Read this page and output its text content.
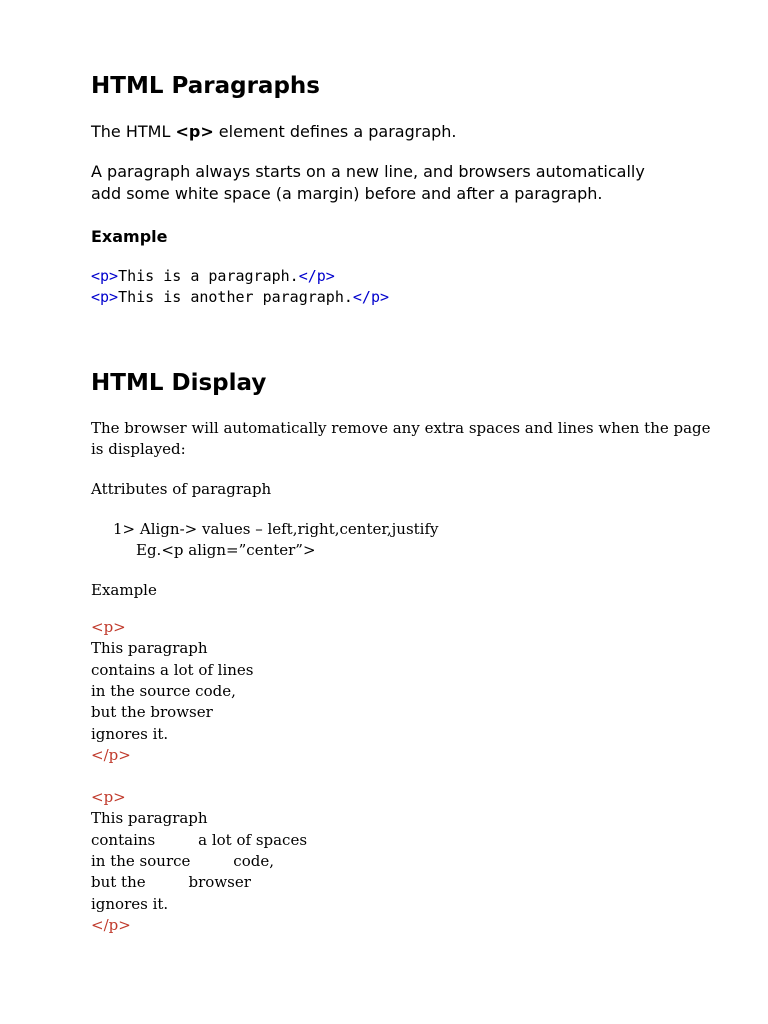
HTML Paragraphs
The HTML <p> element defines a paragraph.
A paragraph always starts on a new line, and browsers automatically
add some white space (a margin) before and after a paragraph.
Example
<p>This is a paragraph.</p>
<p>This is another paragraph.</p>
HTML Display
The browser will automatically remove any extra spaces and lines when the page
is displayed:
Attributes of paragraph
1> Align-> values – left,right,center,justify
Eg.<p align=”center”>
Example
<p>
This paragraph
contains a lot of lines
in the source code,
but the browser
ignores it.
</p>
<p>
This paragraph
contains         a lot of spaces
in the source         code,
but the         browser
ignores it.
</p>
